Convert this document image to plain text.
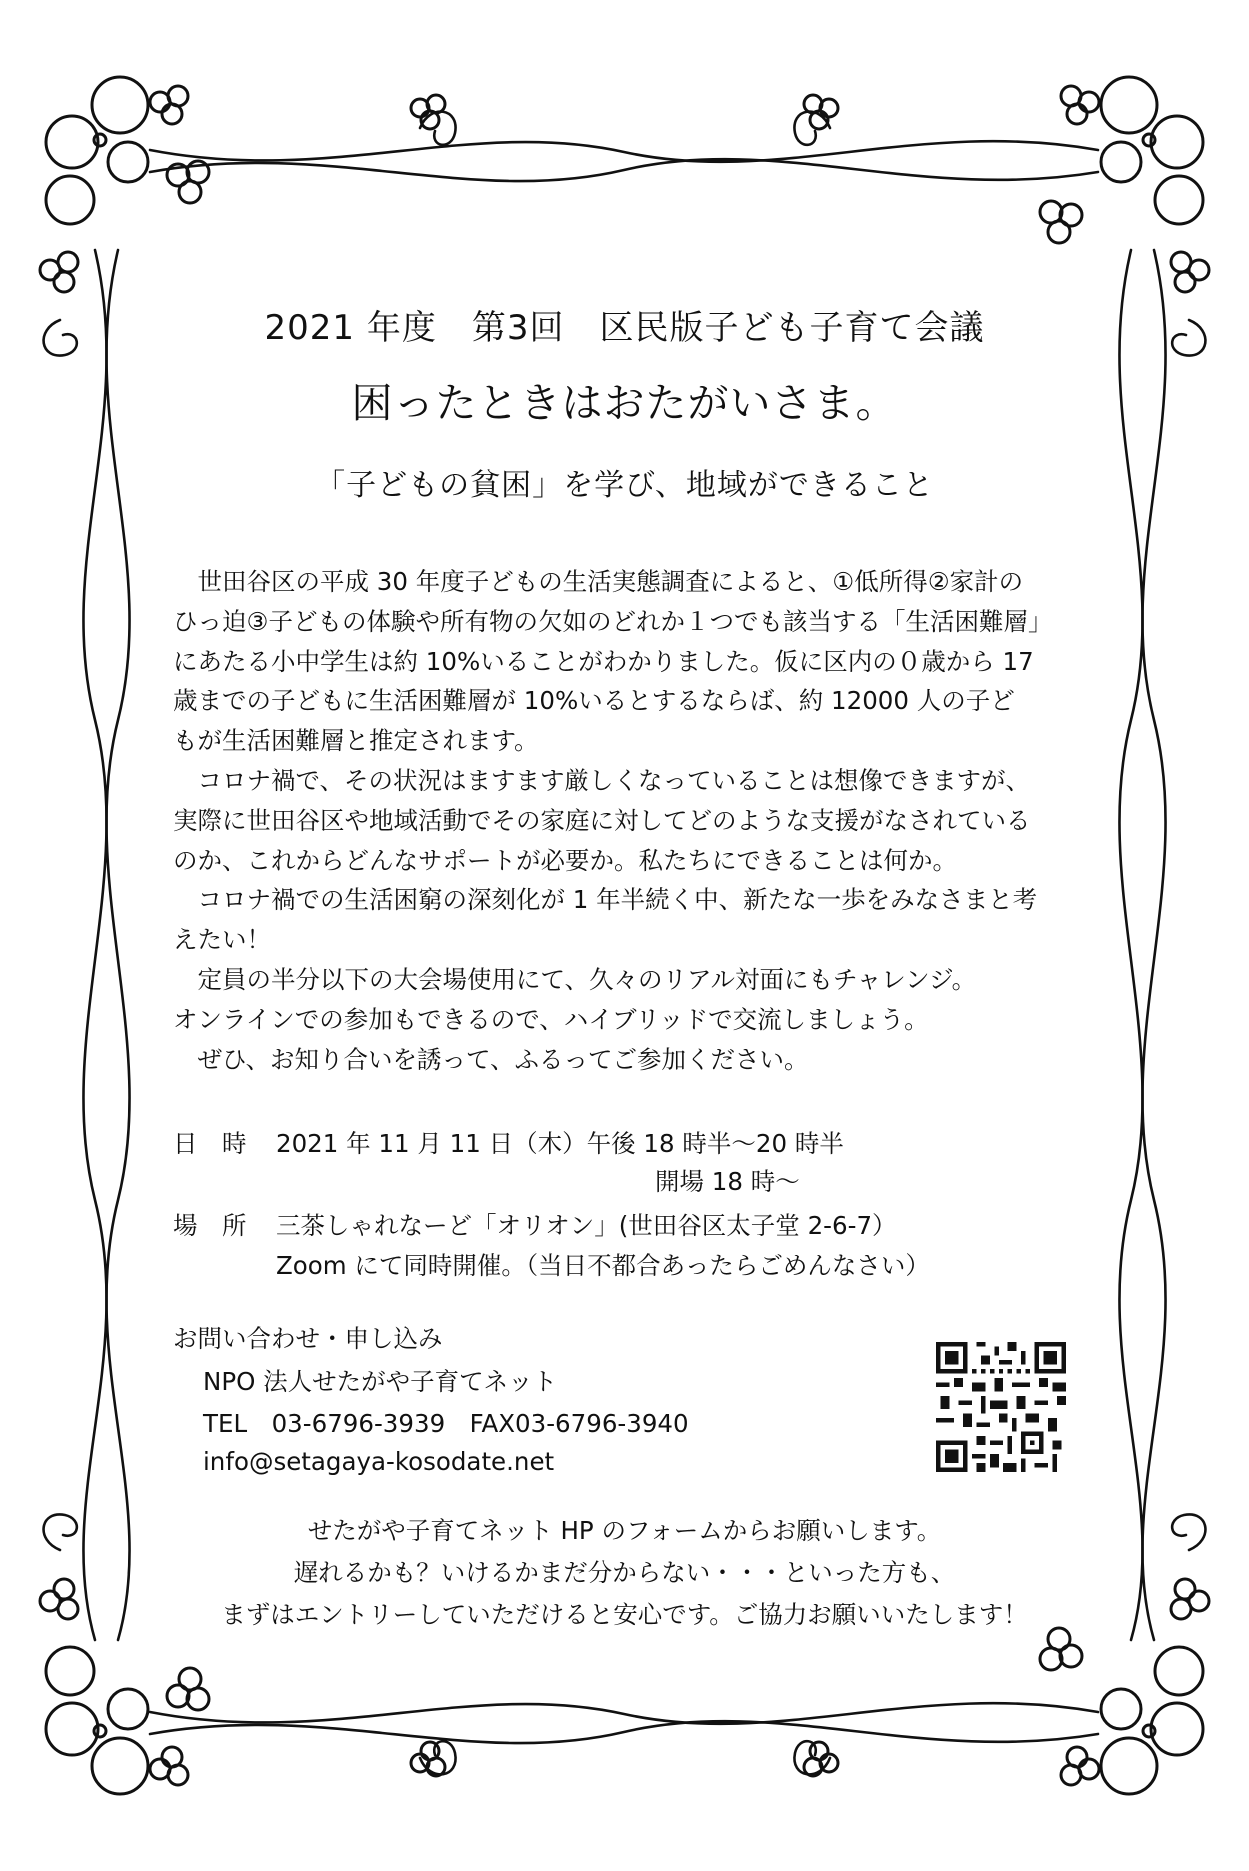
2021 年度　第3回　区民版子ども子育て会議
困ったときはおたがいさま。
「子どもの貧困」を学び、地域ができること
　世田谷区の平成 30 年度子どもの生活実態調査によると、①低所得②家計の
ひっ迫③子どもの体験や所有物の欠如のどれか１つでも該当する「生活困難層」
にあたる小中学生は約 10%いることがわかりました。仮に区内の０歳から 17
歳までの子どもに生活困難層が 10%いるとするならば、約 12000 人の子ど
もが生活困難層と推定されます。
　コロナ禍で、その状況はますます厳しくなっていることは想像できますが、
実際に世田谷区や地域活動でその家庭に対してどのような支援がなされている
のか、これからどんなサポートが必要か。私たちにできることは何か。
　コロナ禍での生活困窮の深刻化が 1 年半続く中、新たな一歩をみなさまと考
えたい！
　定員の半分以下の大会場使用にて、久々のリアル対面にもチャレンジ。
オンラインでの参加もできるので、ハイブリッドで交流しましょう。
　ぜひ、お知り合いを誘って、ふるってご参加ください。
日　時 2021 年 11 月 11 日（木）午後 18 時半～20 時半
開場 18 時～
場　所 三茶しゃれなーど「オリオン」(世田谷区太子堂 2-6-7）
Zoom にて同時開催。（当日不都合あったらごめんなさい）
お問い合わせ・申し込み
NPO 法人せたがや子育てネット
TEL　03-6796-3939　FAX03-6796-3940
info@setagaya-kosodate.net
せたがや子育てネット HP のフォームからお願いします。
遅れるかも？いけるかまだ分からない・・・といった方も、
まずはエントリーしていただけると安心です。ご協力お願いいたします！
